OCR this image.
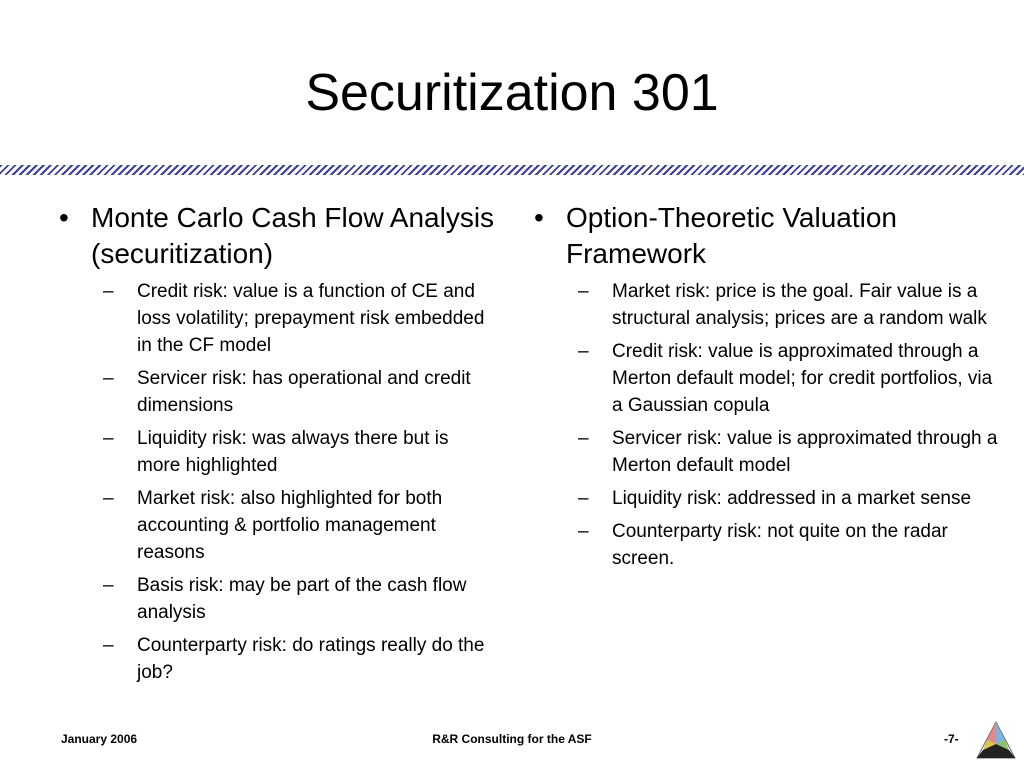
Securitization 301
• Monte Carlo Cash Flow Analysis (securitization)
– Credit risk: value is a function of CE and loss volatility; prepayment risk embedded in the CF model
– Servicer risk: has operational and credit dimensions
– Liquidity risk: was always there but is more highlighted
– Market risk: also highlighted for both accounting & portfolio management reasons
– Basis risk: may be part of the cash flow analysis
– Counterparty risk: do ratings really do the job?
• Option-Theoretic Valuation Framework
– Market risk: price is the goal. Fair value is a structural analysis; prices are a random walk
– Credit risk: value is approximated through a Merton default model; for credit portfolios, via a Gaussian copula
– Servicer risk: value is approximated through a Merton default model
– Liquidity risk: addressed in a market sense
– Counterparty risk: not quite on the radar screen.
R&R Consulting for the ASF
January 2006	-7-
